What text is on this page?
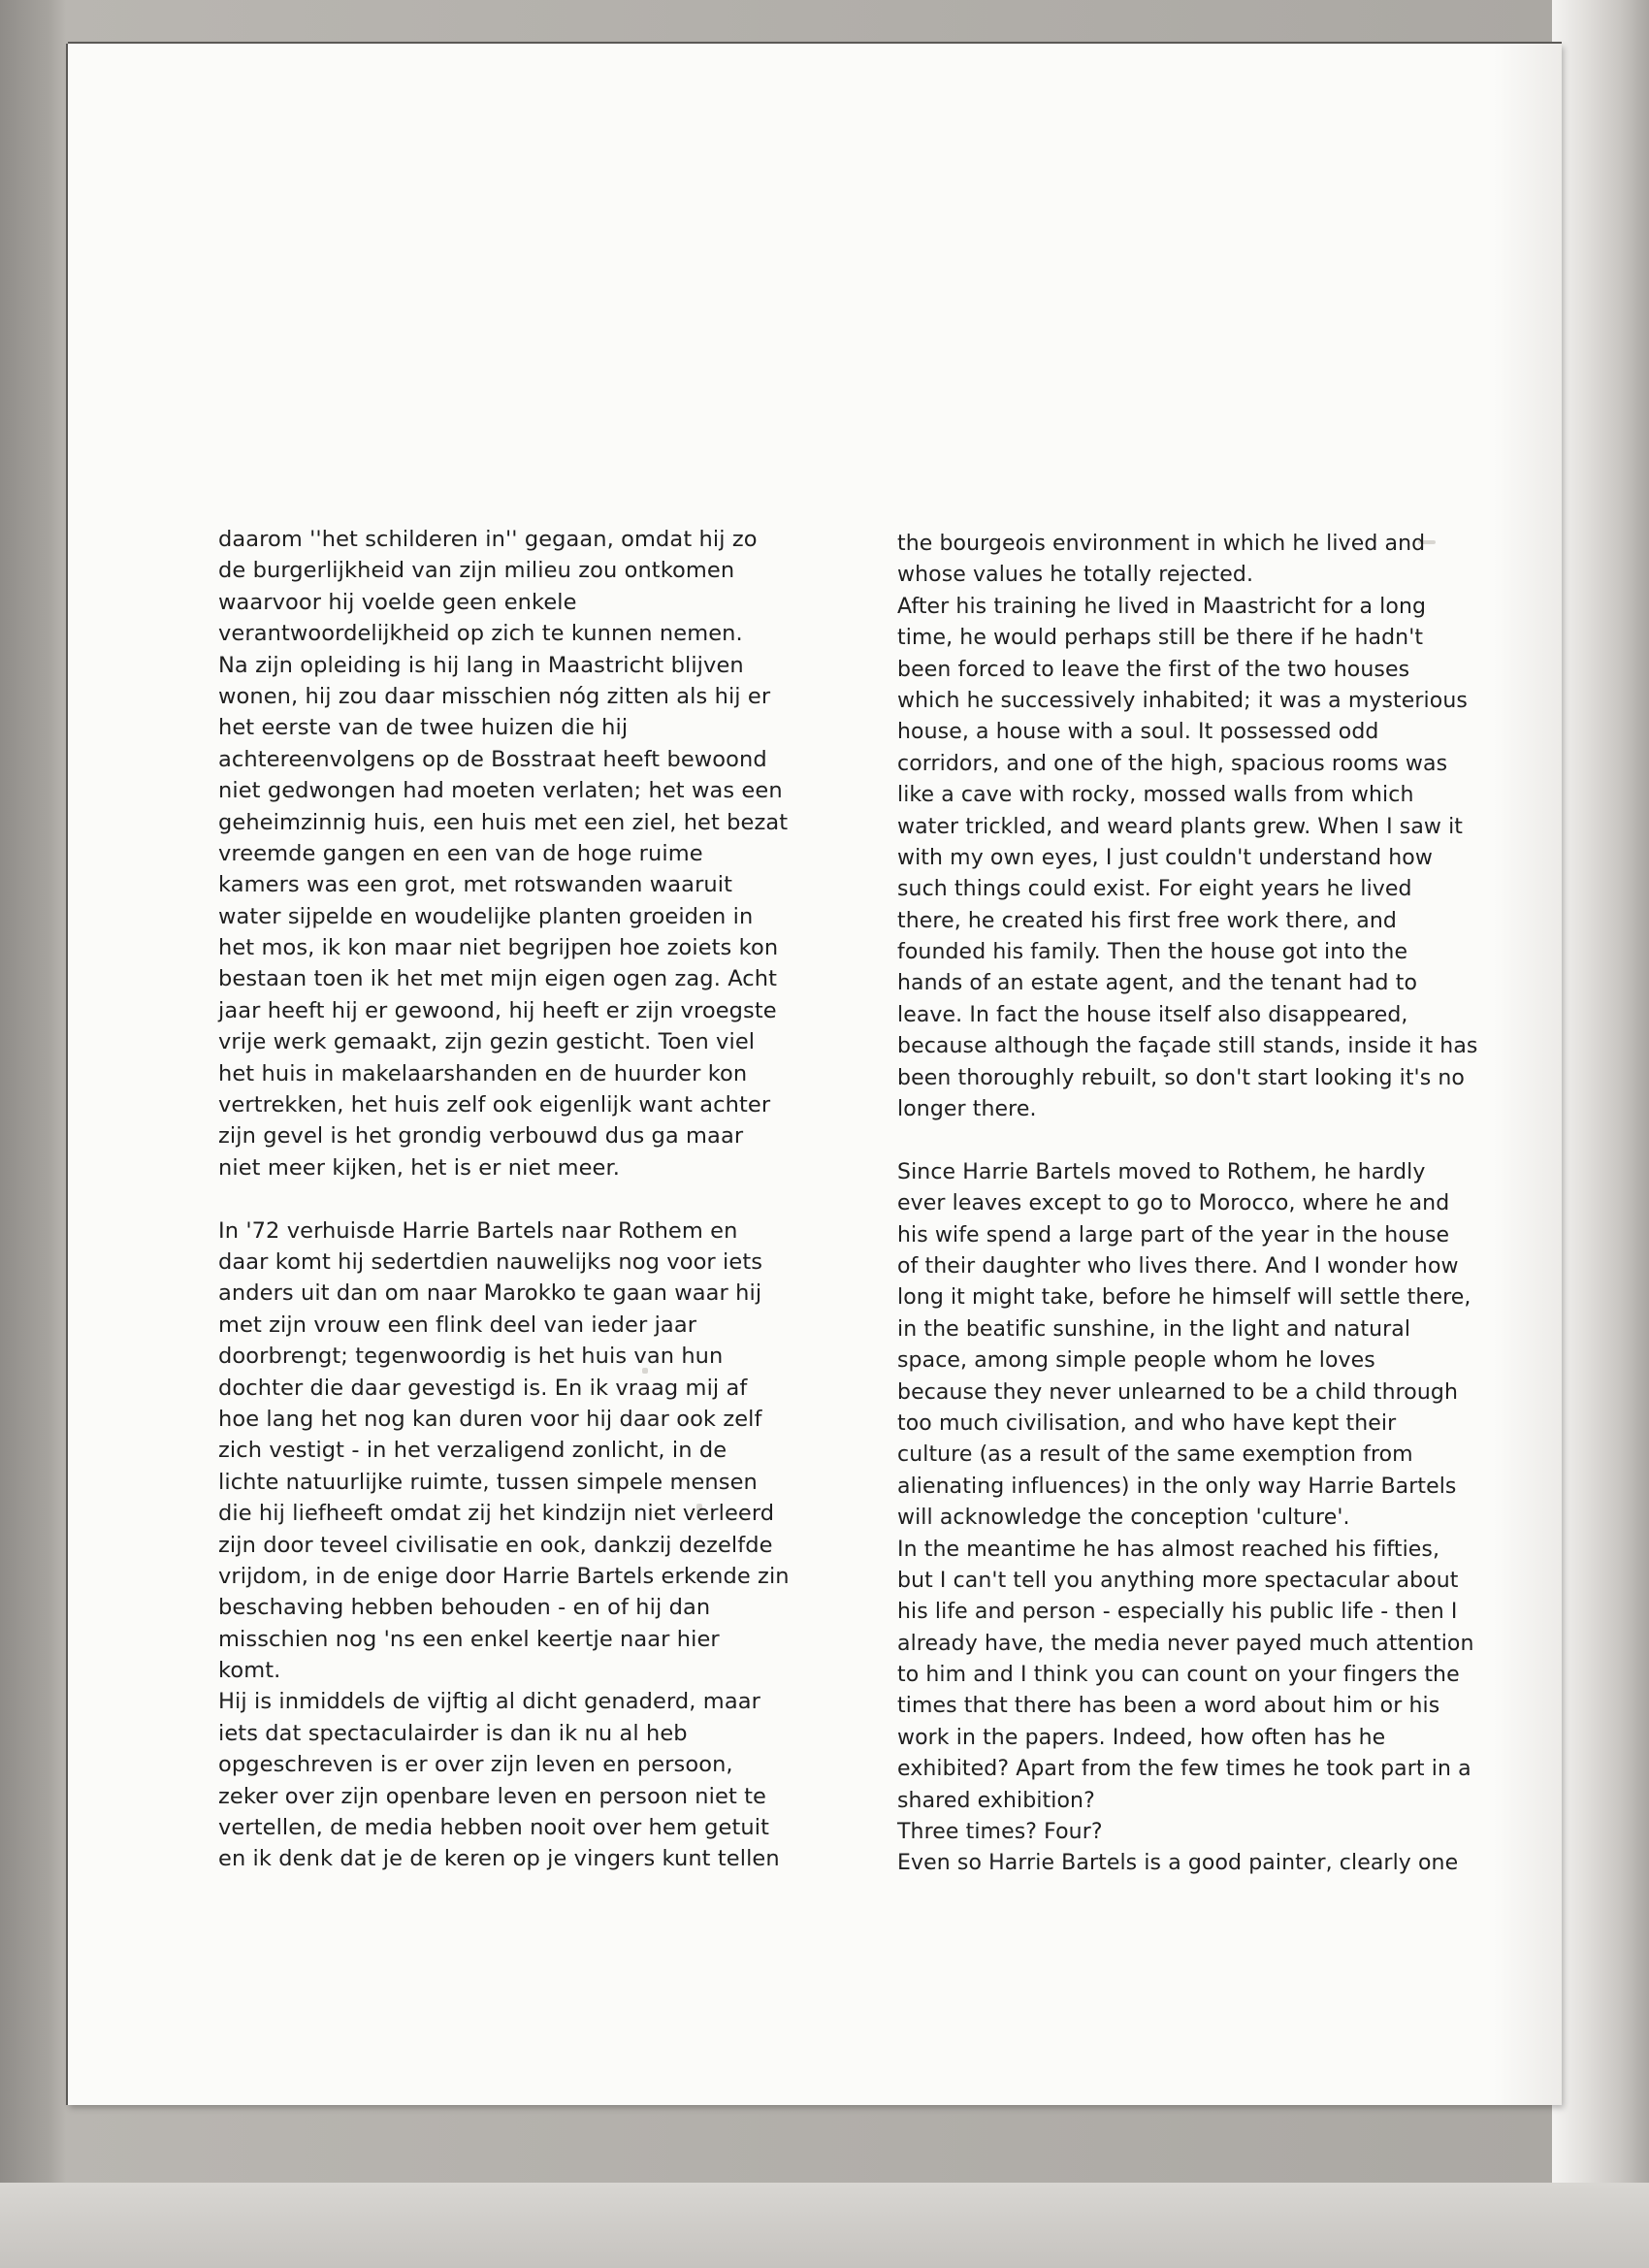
daarom ''het schilderen in'' gegaan, omdat hij zo
de burgerlijkheid van zijn milieu zou ontkomen
waarvoor hij voelde geen enkele
verantwoordelijkheid op zich te kunnen nemen.
Na zijn opleiding is hij lang in Maastricht blijven
wonen, hij zou daar misschien nóg zitten als hij er
het eerste van de twee huizen die hij
achtereenvolgens op de Bosstraat heeft bewoond
niet gedwongen had moeten verlaten; het was een
geheimzinnig huis, een huis met een ziel, het bezat
vreemde gangen en een van de hoge ruime
kamers was een grot, met rotswanden waaruit
water sijpelde en woudelijke planten groeiden in
het mos, ik kon maar niet begrijpen hoe zoiets kon
bestaan toen ik het met mijn eigen ogen zag. Acht
jaar heeft hij er gewoond, hij heeft er zijn vroegste
vrije werk gemaakt, zijn gezin gesticht. Toen viel
het huis in makelaarshanden en de huurder kon
vertrekken, het huis zelf ook eigenlijk want achter
zijn gevel is het grondig verbouwd dus ga maar
niet meer kijken, het is er niet meer.
In '72 verhuisde Harrie Bartels naar Rothem en
daar komt hij sedertdien nauwelijks nog voor iets
anders uit dan om naar Marokko te gaan waar hij
met zijn vrouw een flink deel van ieder jaar
doorbrengt; tegenwoordig is het huis van hun
dochter die daar gevestigd is. En ik vraag mij af
hoe lang het nog kan duren voor hij daar ook zelf
zich vestigt - in het verzaligend zonlicht, in de
lichte natuurlijke ruimte, tussen simpele mensen
die hij liefheeft omdat zij het kindzijn niet verleerd
zijn door teveel civilisatie en ook, dankzij dezelfde
vrijdom, in de enige door Harrie Bartels erkende zin
beschaving hebben behouden - en of hij dan
misschien nog 'ns een enkel keertje naar hier
komt.
Hij is inmiddels de vijftig al dicht genaderd, maar
iets dat spectaculairder is dan ik nu al heb
opgeschreven is er over zijn leven en persoon,
zeker over zijn openbare leven en persoon niet te
vertellen, de media hebben nooit over hem getuit
en ik denk dat je de keren op je vingers kunt tellen
the bourgeois environment in which he lived and
whose values he totally rejected.
After his training he lived in Maastricht for a long
time, he would perhaps still be there if he hadn't
been forced to leave the first of the two houses
which he successively inhabited; it was a mysterious
house, a house with a soul. It possessed odd
corridors, and one of the high, spacious rooms was
like a cave with rocky, mossed walls from which
water trickled, and weard plants grew. When I saw it
with my own eyes, I just couldn't understand how
such things could exist. For eight years he lived
there, he created his first free work there, and
founded his family. Then the house got into the
hands of an estate agent, and the tenant had to
leave. In fact the house itself also disappeared,
because although the façade still stands, inside it has
been thoroughly rebuilt, so don't start looking it's no
longer there.
Since Harrie Bartels moved to Rothem, he hardly
ever leaves except to go to Morocco, where he and
his wife spend a large part of the year in the house
of their daughter who lives there. And I wonder how
long it might take, before he himself will settle there,
in the beatific sunshine, in the light and natural
space, among simple people whom he loves
because they never unlearned to be a child through
too much civilisation, and who have kept their
culture (as a result of the same exemption from
alienating influences) in the only way Harrie Bartels
will acknowledge the conception 'culture'.
In the meantime he has almost reached his fifties,
but I can't tell you anything more spectacular about
his life and person - especially his public life - then I
already have, the media never payed much attention
to him and I think you can count on your fingers the
times that there has been a word about him or his
work in the papers. Indeed, how often has he
exhibited? Apart from the few times he took part in a
shared exhibition?
Three times? Four?
Even so Harrie Bartels is a good painter, clearly one
